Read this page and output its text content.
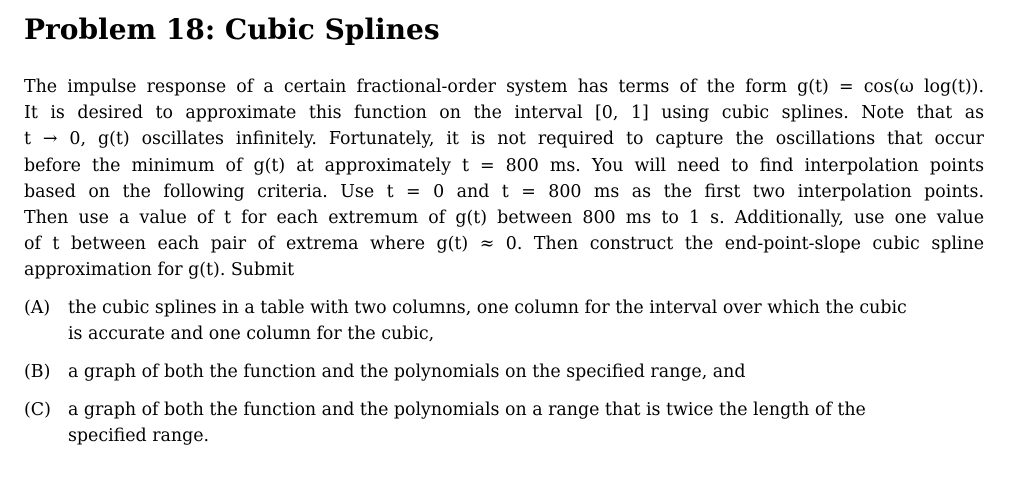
Problem 18: Cubic Splines
The impulse response of a certain fractional-order system has terms of the form g(t) = cos(ω log(t)).
It is desired to approximate this function on the interval [0, 1] using cubic splines. Note that as
t → 0, g(t) oscillates infinitely. Fortunately, it is not required to capture the oscillations that occur
before the minimum of g(t) at approximately t = 800 ms. You will need to find interpolation points
based on the following criteria. Use t = 0 and t = 800 ms as the first two interpolation points.
Then use a value of t for each extremum of g(t) between 800 ms to 1 s. Additionally, use one value
of t between each pair of extrema where g(t) ≈ 0. Then construct the end-point-slope cubic spline
approximation for g(t). Submit
(A) the cubic splines in a table with two columns, one column for the interval over which the cubic
is accurate and one column for the cubic,
(B) a graph of both the function and the polynomials on the specified range, and
(C) a graph of both the function and the polynomials on a range that is twice the length of the
specified range.
